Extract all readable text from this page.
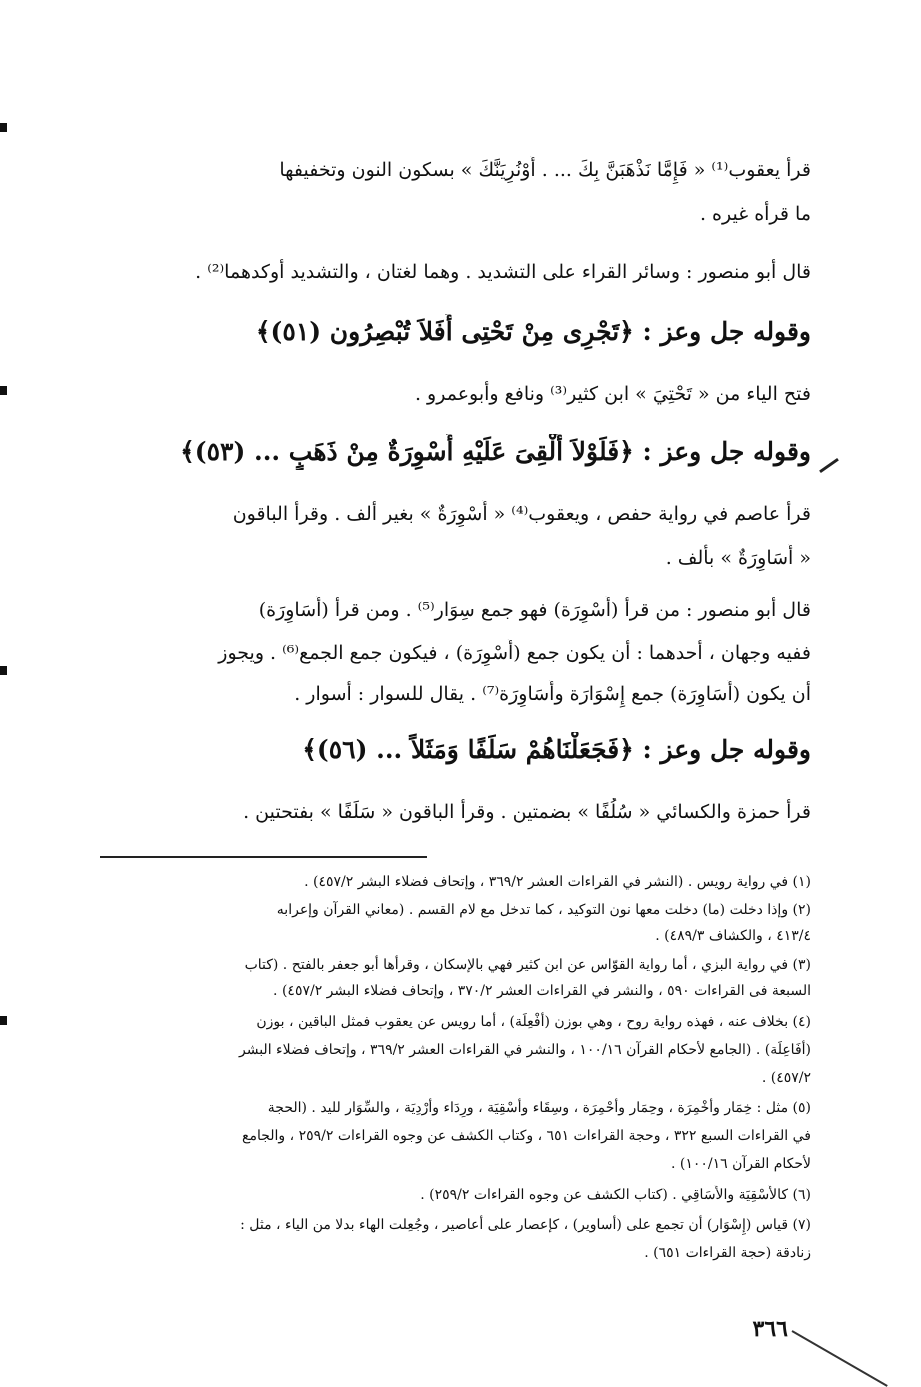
قرأ يعقوب⁽¹⁾ « فَإِمَّا نَذْهَبَنَّ بِكَ ... . أَوْنُرِيَنَّكَ » بسكون النون وتخفيفها
ما قرأه غيره .
قال أبو منصور : وسائر القراء على التشديد . وهما لغتان ، والتشديد أوكدهما⁽²⁾ .
وقوله جل وعز : ﴿تَجْرِى مِنْ تَحْتِى أَفَلاَ تُبْصِرُون (٥١)﴾
فتح الياء من « تَحْتِيَ » ابن كثير⁽³⁾ ونافع وأبوعمرو .
وقوله جل وعز : ﴿فَلَوْلاَ أُلْقِىَ عَلَيْهِ أَسْوِرَةٌ مِنْ ذَهَبٍ ... (٥٣)﴾
قرأ عاصم في رواية حفص ، ويعقوب⁽⁴⁾ « أَسْوِرَةٌ » بغير ألف . وقرأ الباقون
« أَسَاوِرَةٌ » بألف .
قال أبو منصور : من قرأ (أَسْوِرَة) فهو جمع سِوَار⁽⁵⁾ . ومن قرأ (أَسَاوِرَة)
ففيه وجهان ، أحدهما : أن يكون جمع (أَسْوِرَة) ، فيكون جمع الجمع⁽⁶⁾ . ويجوز
أن يكون (أَسَاوِرَة) جمع إِسْوَارَة وأَسَاوِرَة⁽⁷⁾ . يقال للسوار : أسوار .
وقوله جل وعز : ﴿فَجَعَلْنَاهُمْ سَلَفًا وَمَثَلاً ... (٥٦)﴾
قرأ حمزة والكسائي « سُلُفًا » بضمتين . وقرأ الباقون « سَلَفًا » بفتحتين .
(١) في رواية رويس . (النشر في القراءات العشر ٣٦٩/٢ ، وإتحاف فضلاء البشر ٤٥٧/٢) .
(٢) وإذا دخلت (ما) دخلت معها نون التوكيد ، كما تدخل مع لام القسم . (معاني القرآن وإعرابه
٤١٣/٤ ، والكشاف ٤٨٩/٣) .
(٣) في رواية البزي ، أما رواية القوّاس عن ابن كثير فهي بالإسكان ، وقرأها أبو جعفر بالفتح . (كتاب
السبعة فى القراءات ٥٩٠ ، والنشر في القراءات العشر ٣٧٠/٢ ، وإتحاف فضلاء البشر ٤٥٧/٢) .
(٤) بخلاف عنه ، فهذه رواية روح ، وهي بوزن (أَفْعِلَة) ، أما رويس عن يعقوب فمثل الباقين ، بوزن
(أَفَاعِلَة) . (الجامع لأحكام القرآن ١٠٠/١٦ ، والنشر في القراءات العشر ٣٦٩/٢ ، وإتحاف فضلاء البشر
٤٥٧/٢) .
(٥) مثل : خِمَار وأَخْمِرَة ، وحِمَار وأَحْمِرَة ، وسِقَاء وأَسْقِيَة ، ورِدَاء وأَرْدِيَة ، والسِّوَار لليد . (الحجة
في القراءات السبع ٣٢٢ ، وحجة القراءات ٦٥١ ، وكتاب الكشف عن وجوه القراءات ٢٥٩/٢ ، والجامع
لأحكام القرآن ١٠٠/١٦) .
(٦) كالأَسْقِيَة والأَسَاقِي . (كتاب الكشف عن وجوه القراءات ٢٥٩/٢) .
(٧) قياس (إِسْوَار) أن تجمع على (أساوير) ، كإعصار على أعاصير ، وجُعِلت الهاء بدلا من الياء ، مثل :
زنادقة (حجة القراءات ٦٥١) .
٣٦٦
